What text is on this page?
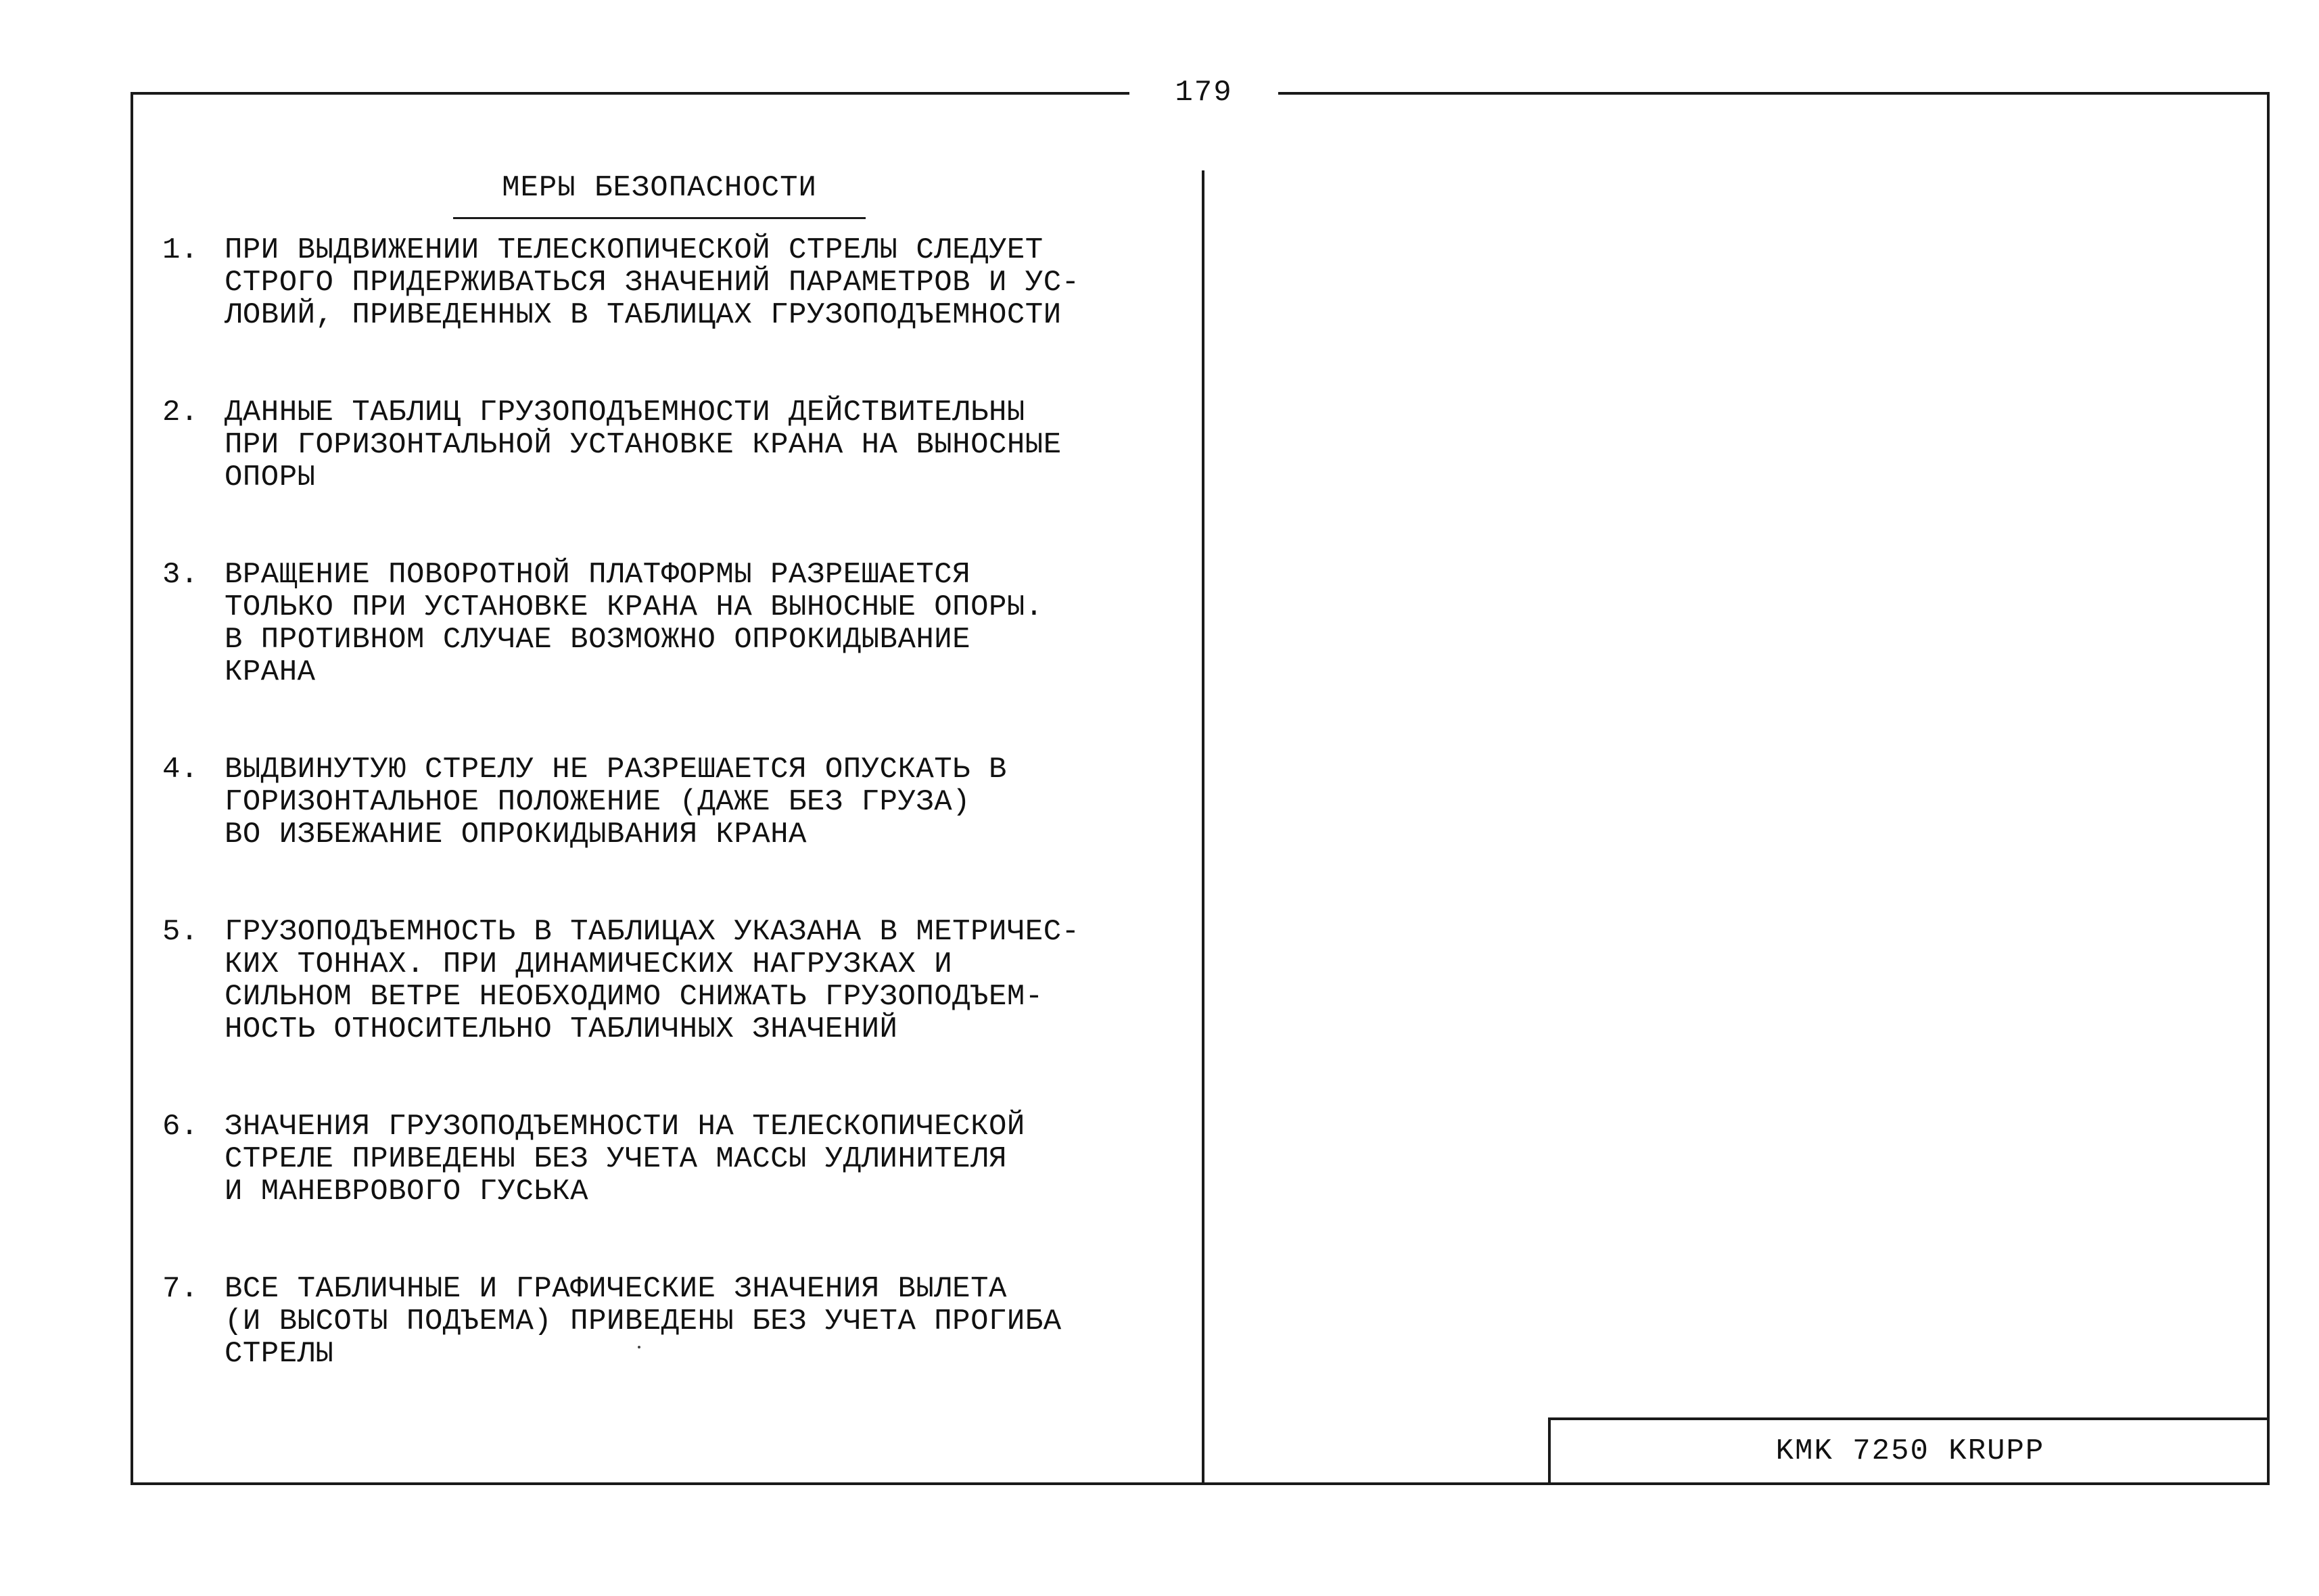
179
МЕРЫ БЕЗОПАСНОСТИ
1. ПРИ ВЫДВИЖЕНИИ ТЕЛЕСКОПИЧЕСКОЙ СТРЕЛЫ СЛЕДУЕТ
СТРОГО ПРИДЕРЖИВАТЬСЯ ЗНАЧЕНИЙ ПАРАМЕТРОВ И УС-
ЛОВИЙ, ПРИВЕДЕННЫХ В ТАБЛИЦАХ ГРУЗОПОДЪЕМНОСТИ
2. ДАННЫЕ ТАБЛИЦ ГРУЗОПОДЪЕМНОСТИ ДЕЙСТВИТЕЛЬНЫ
ПРИ ГОРИЗОНТАЛЬНОЙ УСТАНОВКЕ КРАНА НА ВЫНОСНЫЕ
ОПОРЫ
3. ВРАЩЕНИЕ ПОВОРОТНОЙ ПЛАТФОРМЫ РАЗРЕШАЕТСЯ
ТОЛЬКО ПРИ УСТАНОВКЕ КРАНА НА ВЫНОСНЫЕ ОПОРЫ.
В ПРОТИВНОМ СЛУЧАЕ ВОЗМОЖНО ОПРОКИДЫВАНИЕ
КРАНА
4. ВЫДВИНУТУЮ СТРЕЛУ НЕ РАЗРЕШАЕТСЯ ОПУСКАТЬ В
ГОРИЗОНТАЛЬНОЕ ПОЛОЖЕНИЕ (ДАЖЕ БЕЗ ГРУЗА)
ВО ИЗБЕЖАНИЕ ОПРОКИДЫВАНИЯ КРАНА
5. ГРУЗОПОДЪЕМНОСТЬ В ТАБЛИЦАХ УКАЗАНА В МЕТРИЧЕС-
КИХ ТОННАХ. ПРИ ДИНАМИЧЕСКИХ НАГРУЗКАХ И
СИЛЬНОМ ВЕТРЕ НЕОБХОДИМО СНИЖАТЬ ГРУЗОПОДЪЕМ-
НОСТЬ ОТНОСИТЕЛЬНО ТАБЛИЧНЫХ ЗНАЧЕНИЙ
6. ЗНАЧЕНИЯ ГРУЗОПОДЪЕМНОСТИ НА ТЕЛЕСКОПИЧЕСКОЙ
СТРЕЛЕ ПРИВЕДЕНЫ БЕЗ УЧЕТА МАССЫ УДЛИНИТЕЛЯ
И МАНЕВРОВОГО ГУСЬКА
7. ВСЕ ТАБЛИЧНЫЕ И ГРАФИЧЕСКИЕ ЗНАЧЕНИЯ ВЫЛЕТА
(И ВЫСОТЫ ПОДЪЕМА) ПРИВЕДЕНЫ БЕЗ УЧЕТА ПРОГИБА
СТРЕЛЫ
KMK 7250 KRUPP
